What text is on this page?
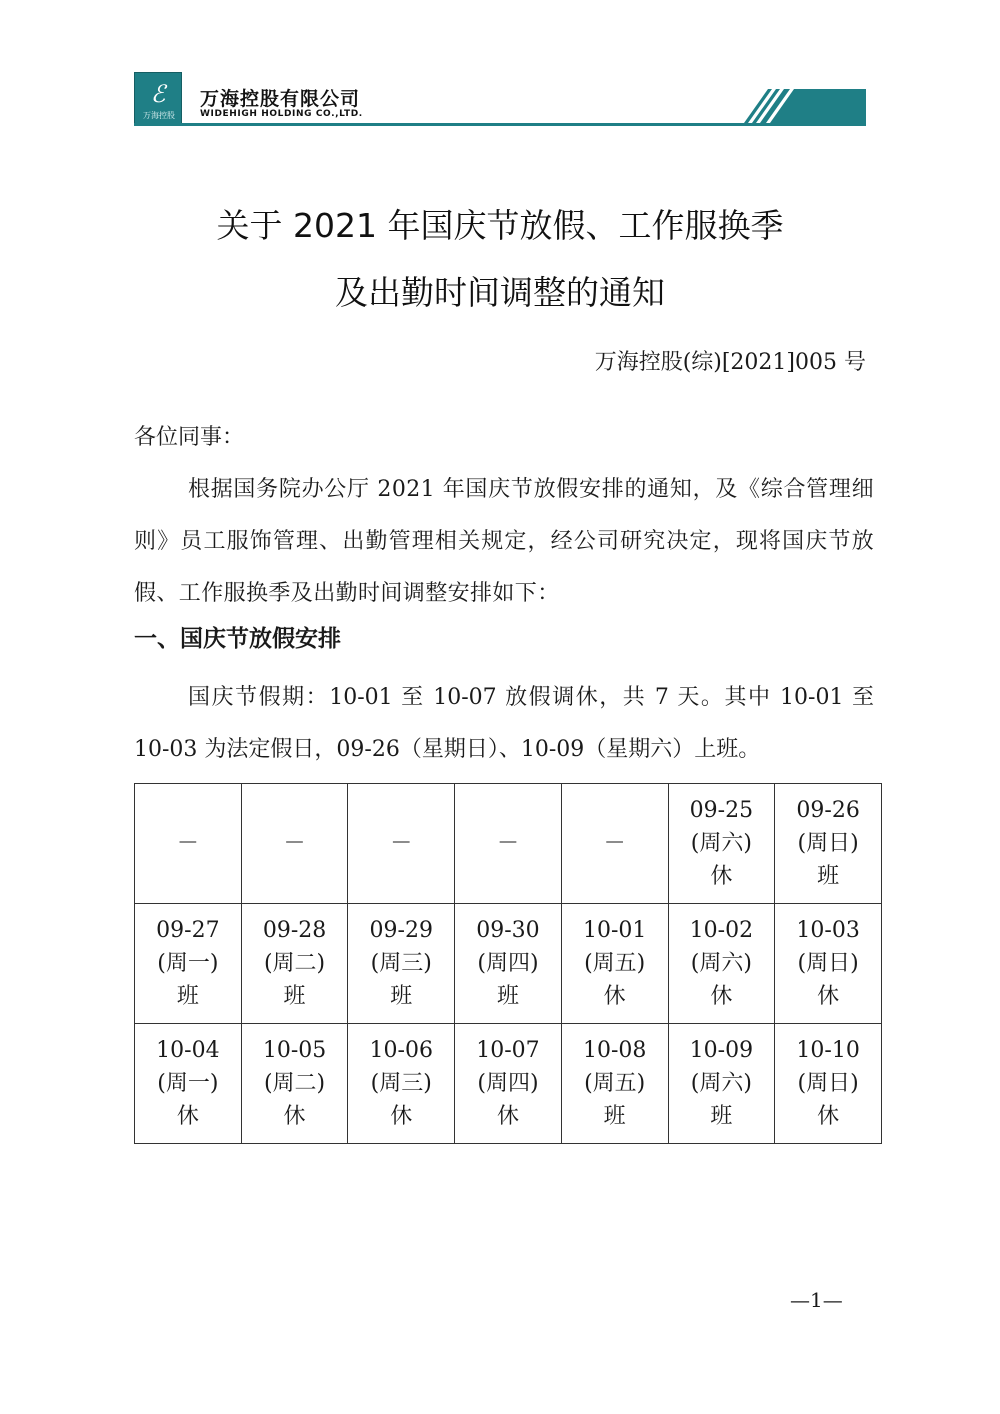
ℰ
万海控股
万海控股有限公司
WIDEHIGH HOLDING CO.,LTD.
关于 2021 年国庆节放假、工作服换季
及出勤时间调整的通知
万海控股(综)[2021]005 号
各位同事：
根据国务院办公厅 2021 年国庆节放假安排的通知，及《综合管理细则》员工服饰管理、出勤管理相关规定，经公司研究决定，现将国庆节放假、工作服换季及出勤时间调整安排如下：
一、国庆节放假安排
国庆节假期：10-01 至 10-07 放假调休，共 7 天。其中 10-01 至 10-03 为法定假日，09-26（星期日）、10-09（星期六）上班。
－	－	－	－	－	09-25
(周六)
休	09-26
(周日)
班

09-27
(周一)
班	09-28
(周二)
班	09-29
(周三)
班	09-30
(周四)
班	10-01
(周五)
休	10-02
(周六)
休	10-03
(周日)
休

10-04
(周一)
休	10-05
(周二)
休	10-06
(周三)
休	10-07
(周四)
休	10-08
(周五)
班	10-09
(周六)
班	10-10
(周日)
休
—1—
